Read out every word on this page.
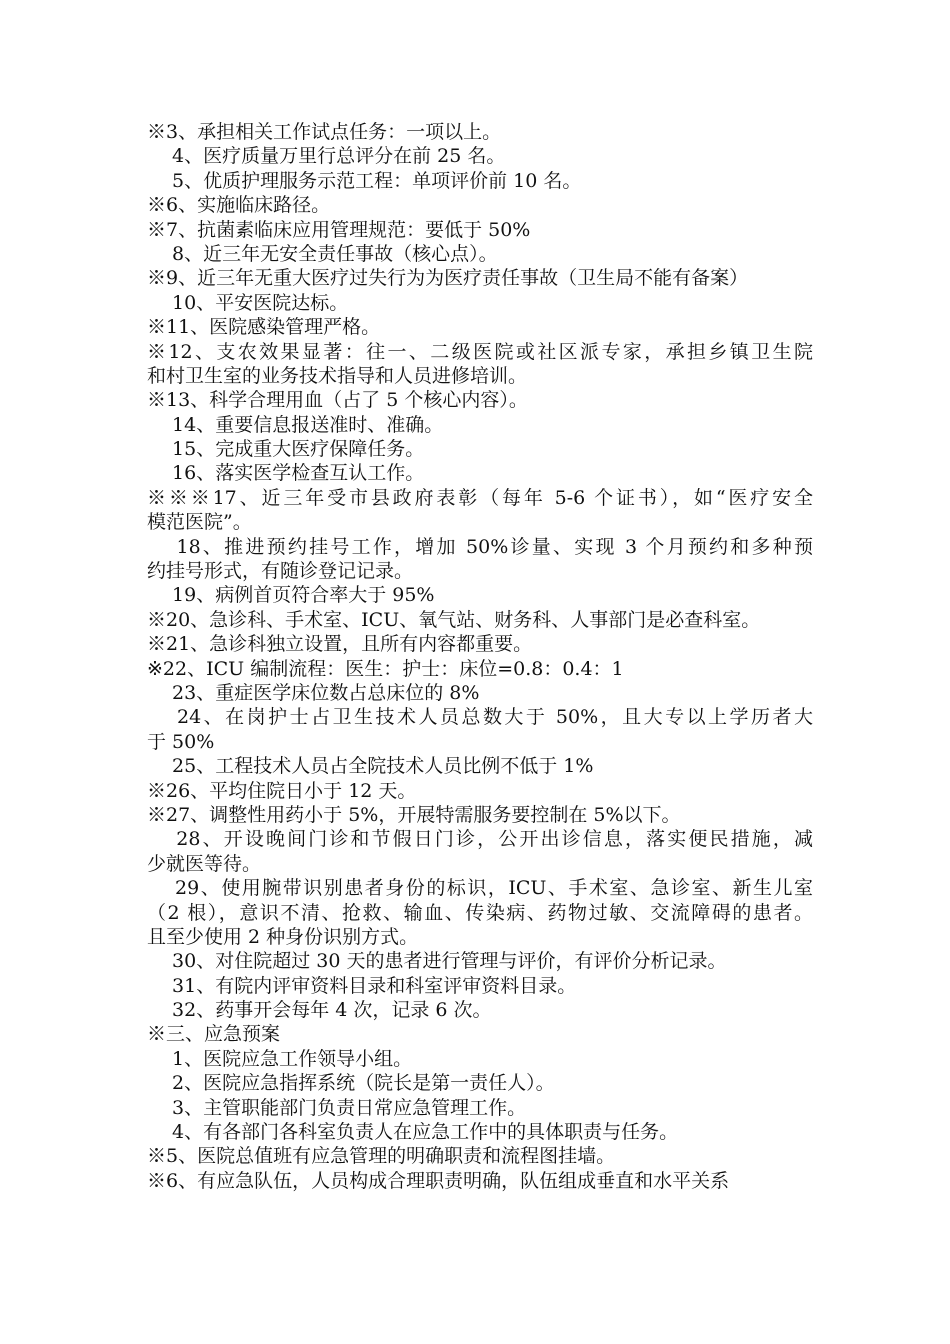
※3、承担相关工作试点任务：一项以上。
　 4、医疗质量万里行总评分在前 25 名。
　 5、优质护理服务示范工程：单项评价前 10 名。
※6、实施临床路径。
※7、抗菌素临床应用管理规范：要低于 50%
　 8、近三年无安全责任事故（核心点）。
※9、近三年无重大医疗过失行为为医疗责任事故（卫生局不能有备案）
　 10、平安医院达标。
※11、医院感染管理严格。
※12、支农效果显著：往一、二级医院或社区派专家，承担乡镇卫生院
和村卫生室的业务技术指导和人员进修培训。
※13、科学合理用血（占了 5 个核心内容）。
　 14、重要信息报送准时、准确。
　 15、完成重大医疗保障任务。
　 16、落实医学检查互认工作。
※※※17、近三年受市县政府表彰（每年 5-6 个证书），如“医疗安全
模范医院”。
　 18、推进预约挂号工作，增加 50%诊量、实现 3 个月预约和多种预
约挂号形式，有随诊登记记录。
　 19、病例首页符合率大于 95%
※20、急诊科、手术室、ICU、氧气站、财务科、人事部门是必查科室。
※21、急诊科独立设置，且所有内容都重要。
※22、ICU 编制流程：医生：护士：床位=0.8：0.4：1
　 23、重症医学床位数占总床位的 8%
　 24、在岗护士占卫生技术人员总数大于 50%，且大专以上学历者大
于 50%
　 25、工程技术人员占全院技术人员比例不低于 1%
※26、平均住院日小于 12 天。
※27、调整性用药小于 5%，开展特需服务要控制在 5%以下。
　 28、开设晚间门诊和节假日门诊，公开出诊信息，落实便民措施，减
少就医等待。
　 29、使用腕带识别患者身份的标识，ICU、手术室、急诊室、新生儿室
（2 根），意识不清、抢救、输血、传染病、药物过敏、交流障碍的患者。
且至少使用 2 种身份识别方式。
　 30、对住院超过 30 天的患者进行管理与评价，有评价分析记录。
　 31、有院内评审资料目录和科室评审资料目录。
　 32、药事开会每年 4 次，记录 6 次。
※三、应急预案
　 1、医院应急工作领导小组。
　 2、医院应急指挥系统（院长是第一责任人）。
　 3、主管职能部门负责日常应急管理工作。
　 4、有各部门各科室负责人在应急工作中的具体职责与任务。
※5、医院总值班有应急管理的明确职责和流程图挂墙。
※6、有应急队伍，人员构成合理职责明确，队伍组成垂直和水平关系
